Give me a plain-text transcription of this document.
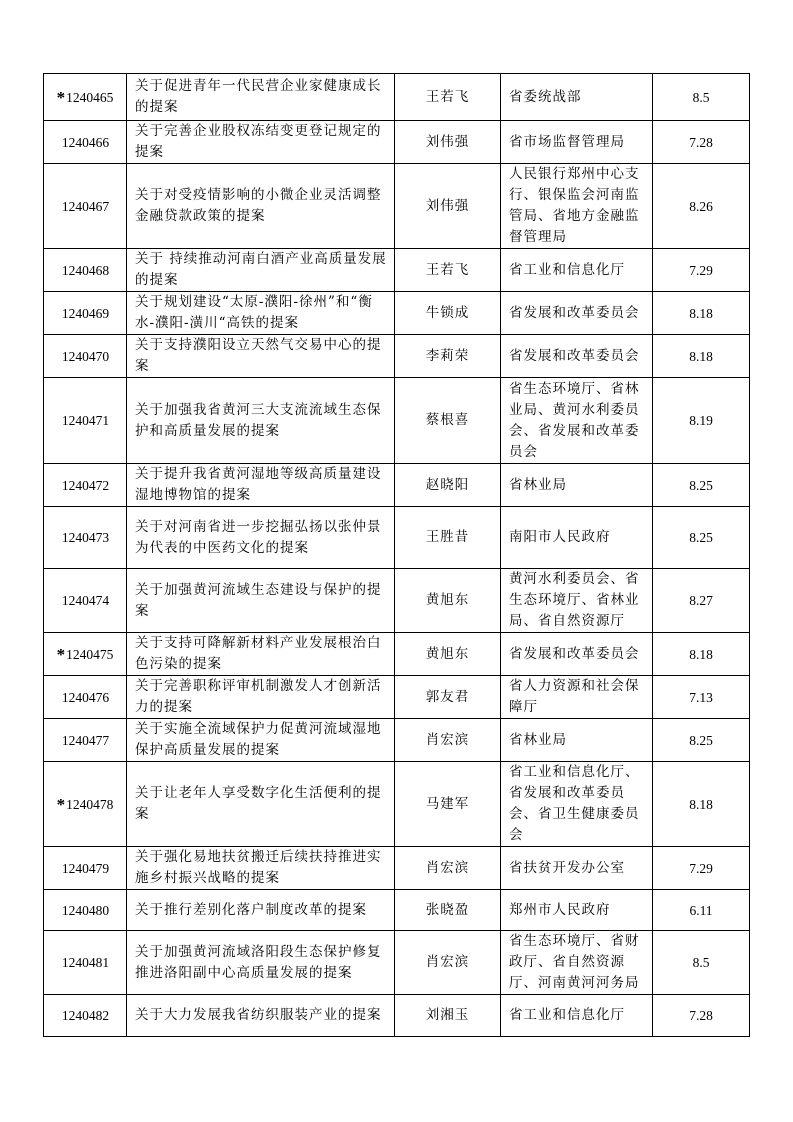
*1240465	关于促进青年一代民营企业家健康成长的提案	王若飞	省委统战部	8.5
1240466	关于完善企业股权冻结变更登记规定的提案	刘伟强	省市场监督管理局	7.28
1240467	关于对受疫情影响的小微企业灵活调整金融贷款政策的提案	刘伟强	人民银行郑州中心支行、银保监会河南监管局、省地方金融监督管理局	8.26
1240468	关于 持续推动河南白酒产业高质量发展的提案	王若飞	省工业和信息化厅	7.29
1240469	关于规划建设“太原-濮阳-徐州”和“衡水-濮阳-潢川“高铁的提案	牛锁成	省发展和改革委员会	8.18
1240470	关于支持濮阳设立天然气交易中心的提案	李莉荣	省发展和改革委员会	8.18
1240471	关于加强我省黄河三大支流流域生态保护和高质量发展的提案	蔡根喜	省生态环境厅、省林业局、黄河水利委员会、省发展和改革委员会	8.19
1240472	关于提升我省黄河湿地等级高质量建设湿地博物馆的提案	赵晓阳	省林业局	8.25
1240473	关于对河南省进一步挖掘弘扬以张仲景为代表的中医药文化的提案	王胜昔	南阳市人民政府	8.25
1240474	关于加强黄河流域生态建设与保护的提案	黄旭东	黄河水利委员会、省生态环境厅、省林业局、省自然资源厅	8.27
*1240475	关于支持可降解新材料产业发展根治白色污染的提案	黄旭东	省发展和改革委员会	8.18
1240476	关于完善职称评审机制激发人才创新活力的提案	郭友君	省人力资源和社会保障厅	7.13
1240477	关于实施全流域保护力促黄河流域湿地保护高质量发展的提案	肖宏滨	省林业局	8.25
*1240478	关于让老年人享受数字化生活便利的提案	马建军	省工业和信息化厅、省发展和改革委员会、省卫生健康委员会	8.18
1240479	关于强化易地扶贫搬迁后续扶持推进实施乡村振兴战略的提案	肖宏滨	省扶贫开发办公室	7.29
1240480	关于推行差别化落户制度改革的提案	张晓盈	郑州市人民政府	6.11
1240481	关于加强黄河流域洛阳段生态保护修复推进洛阳副中心高质量发展的提案	肖宏滨	省生态环境厅、省财政厅、省自然资源厅、河南黄河河务局	8.5
1240482	关于大力发展我省纺织服装产业的提案	刘湘玉	省工业和信息化厅	7.28
